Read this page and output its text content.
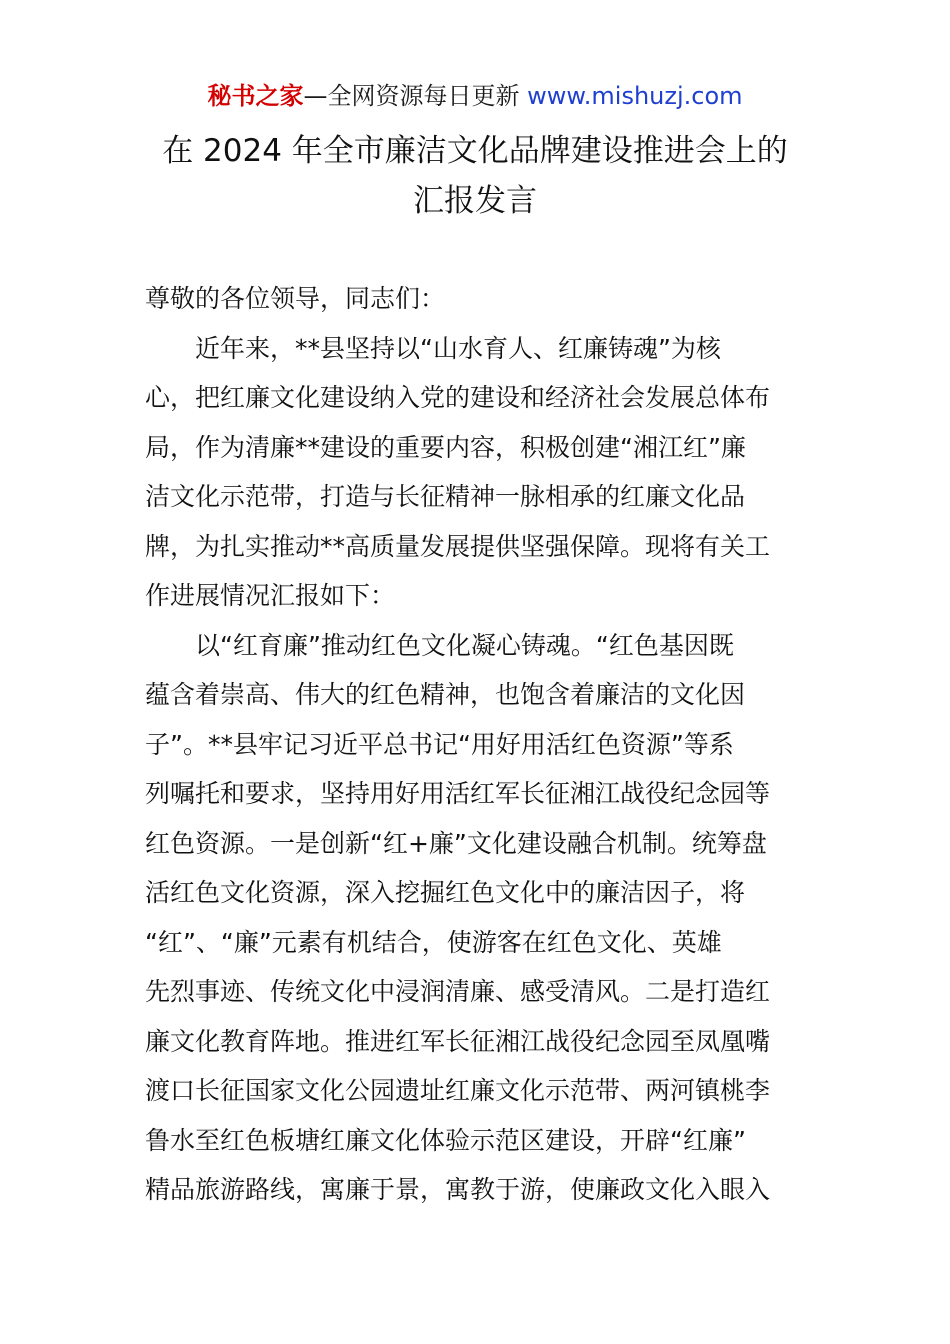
秘书之家—全网资源每日更新 www.mishuzj.com
在 2024 年全市廉洁文化品牌建设推进会上的
汇报发言
尊敬的各位领导，同志们：
近年来，**县坚持以“山水育人、红廉铸魂”为核
心，把红廉文化建设纳入党的建设和经济社会发展总体布
局，作为清廉**建设的重要内容，积极创建“湘江红”廉
洁文化示范带，打造与长征精神一脉相承的红廉文化品
牌，为扎实推动**高质量发展提供坚强保障。现将有关工
作进展情况汇报如下：
以“红育廉”推动红色文化凝心铸魂。“红色基因既
蕴含着崇高、伟大的红色精神，也饱含着廉洁的文化因
子”。**县牢记习近平总书记“用好用活红色资源”等系
列嘱托和要求，坚持用好用活红军长征湘江战役纪念园等
红色资源。一是创新“红+廉”文化建设融合机制。统筹盘
活红色文化资源，深入挖掘红色文化中的廉洁因子，将
“红”、“廉”元素有机结合，使游客在红色文化、英雄
先烈事迹、传统文化中浸润清廉、感受清风。二是打造红
廉文化教育阵地。推进红军长征湘江战役纪念园至凤凰嘴
渡口长征国家文化公园遗址红廉文化示范带、两河镇桃李
鲁水至红色板塘红廉文化体验示范区建设，开辟“红廉”
精品旅游路线，寓廉于景，寓教于游，使廉政文化入眼入
